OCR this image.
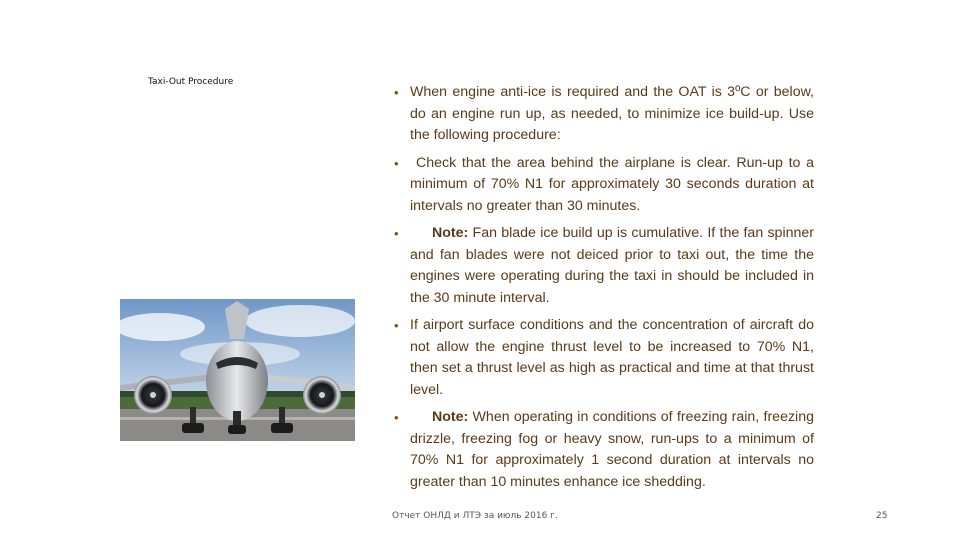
Taxi-Out Procedure
• When engine anti-ice is required and the OAT is 3ºC or below, do an engine run up, as needed, to minimize ice build-up. Use the following procedure:
• Check that the area behind the airplane is clear. Run-up to a minimum of 70% N1 for approximately 30 seconds duration at intervals no greater than 30 minutes.
• Note: Fan blade ice build up is cumulative. If the fan spinner and fan blades were not deiced prior to taxi out, the time the engines were operating during the taxi in should be included in the 30 minute interval.
• If airport surface conditions and the concentration of aircraft do not allow the engine thrust level to be increased to 70% N1, then set a thrust level as high as practical and time at that thrust level.
• Note: When operating in conditions of freezing rain, freezing drizzle, freezing fog or heavy snow, run-ups to a minimum of 70% N1 for approximately 1 second duration at intervals no greater than 10 minutes enhance ice shedding.
Отчет ОНЛД и ЛТЭ за июль 2016 г.	25
